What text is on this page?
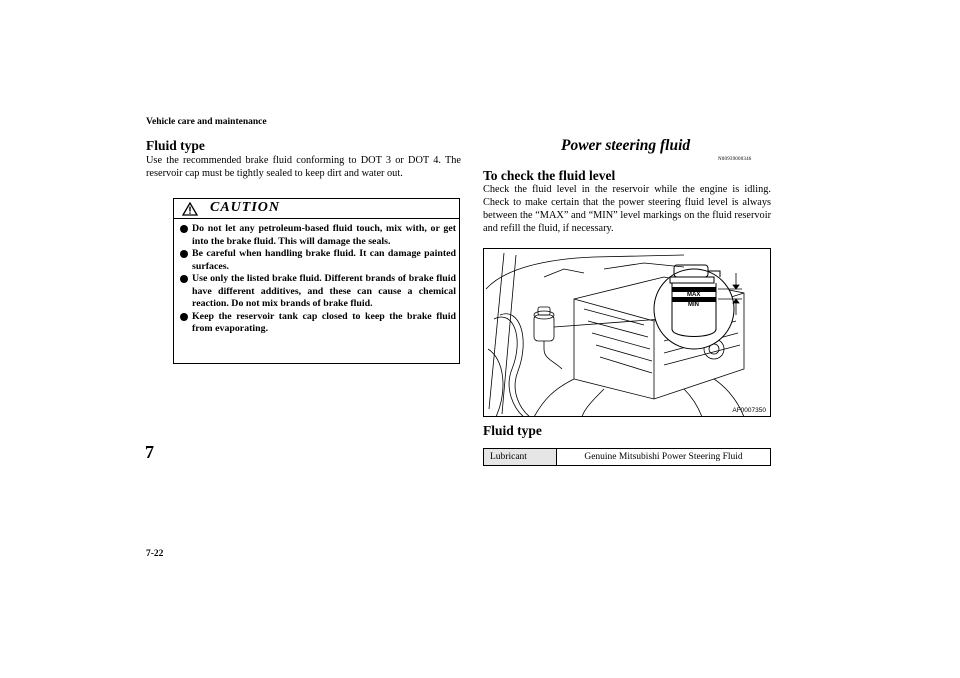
Vehicle care and maintenance
7
7-22
Fluid type
Use the recommended brake fluid conforming to DOT 3 or DOT 4. The reservoir cap must be tightly sealed to keep dirt and water out.
CAUTION
Do not let any petroleum-based fluid touch, mix with, or get into the brake fluid. This will damage the seals.
Be careful when handling brake fluid. It can damage painted surfaces.
Use only the listed brake fluid. Different brands of brake fluid have different additives, and these can cause a chemical reaction. Do not mix brands of brake fluid.
Keep the reservoir tank cap closed to keep the brake fluid from evaporating.
Power steering fluid
N00939000346
To check the fluid level
Check the fluid level in the reservoir while the engine is idling. Check to make certain that the power steering fluid level is always between the “MAX” and “MIN” level markings on the fluid reservoir and refill the fluid, if necessary.
MAX
MIN
AF0007350
Fluid type
Lubricant	Genuine Mitsubishi Power Steering Fluid
